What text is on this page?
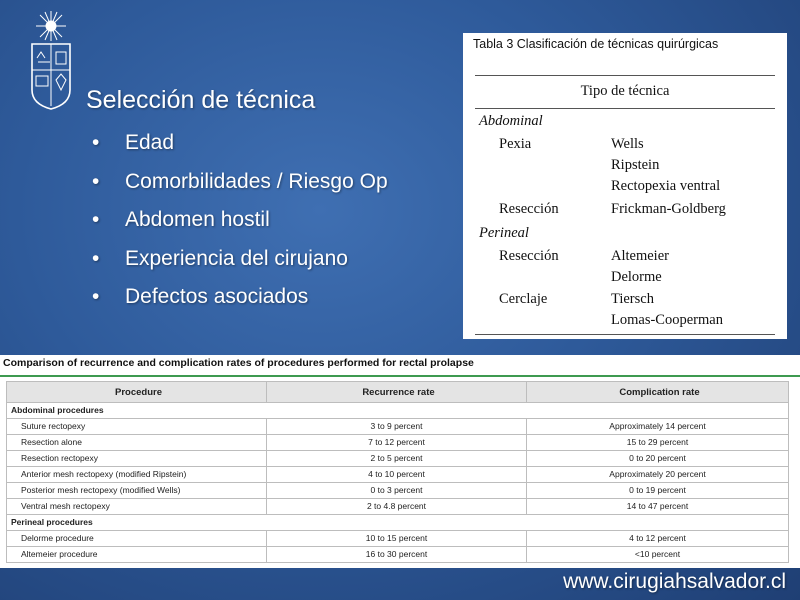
Selección de técnica
• Edad
• Comorbilidades / Riesgo Op
• Abdomen hostil
• Experiencia del cirujano
• Defectos asociados
Tabla 3 Clasificación de técnicas quirúrgicas
Tipo de técnica
Abdominal
Pexia	Wells
Ripstein
Rectopexia ventral
Resección	Frickman-Goldberg
Perineal
Resección	Altemeier
Delorme
Cerclaje	Tiersch
Lomas-Cooperman
Comparison of recurrence and complication rates of procedures performed for rectal prolapse
Procedure	Recurrence rate	Complication rate
Abdominal procedures		
Suture rectopexy	3 to 9 percent	Approximately 14 percent
Resection alone	7 to 12 percent	15 to 29 percent
Resection rectopexy	2 to 5 percent	0 to 20 percent
Anterior mesh rectopexy (modified Ripstein)	4 to 10 percent	Approximately 20 percent
Posterior mesh rectopexy (modified Wells)	0 to 3 percent	0 to 19 percent
Ventral mesh rectopexy	2 to 4.8 percent	14 to 47 percent
Perineal procedures		
Delorme procedure	10 to 15 percent	4 to 12 percent
Altemeier procedure	16 to 30 percent	<10 percent
www.cirugiahsalvador.cl
